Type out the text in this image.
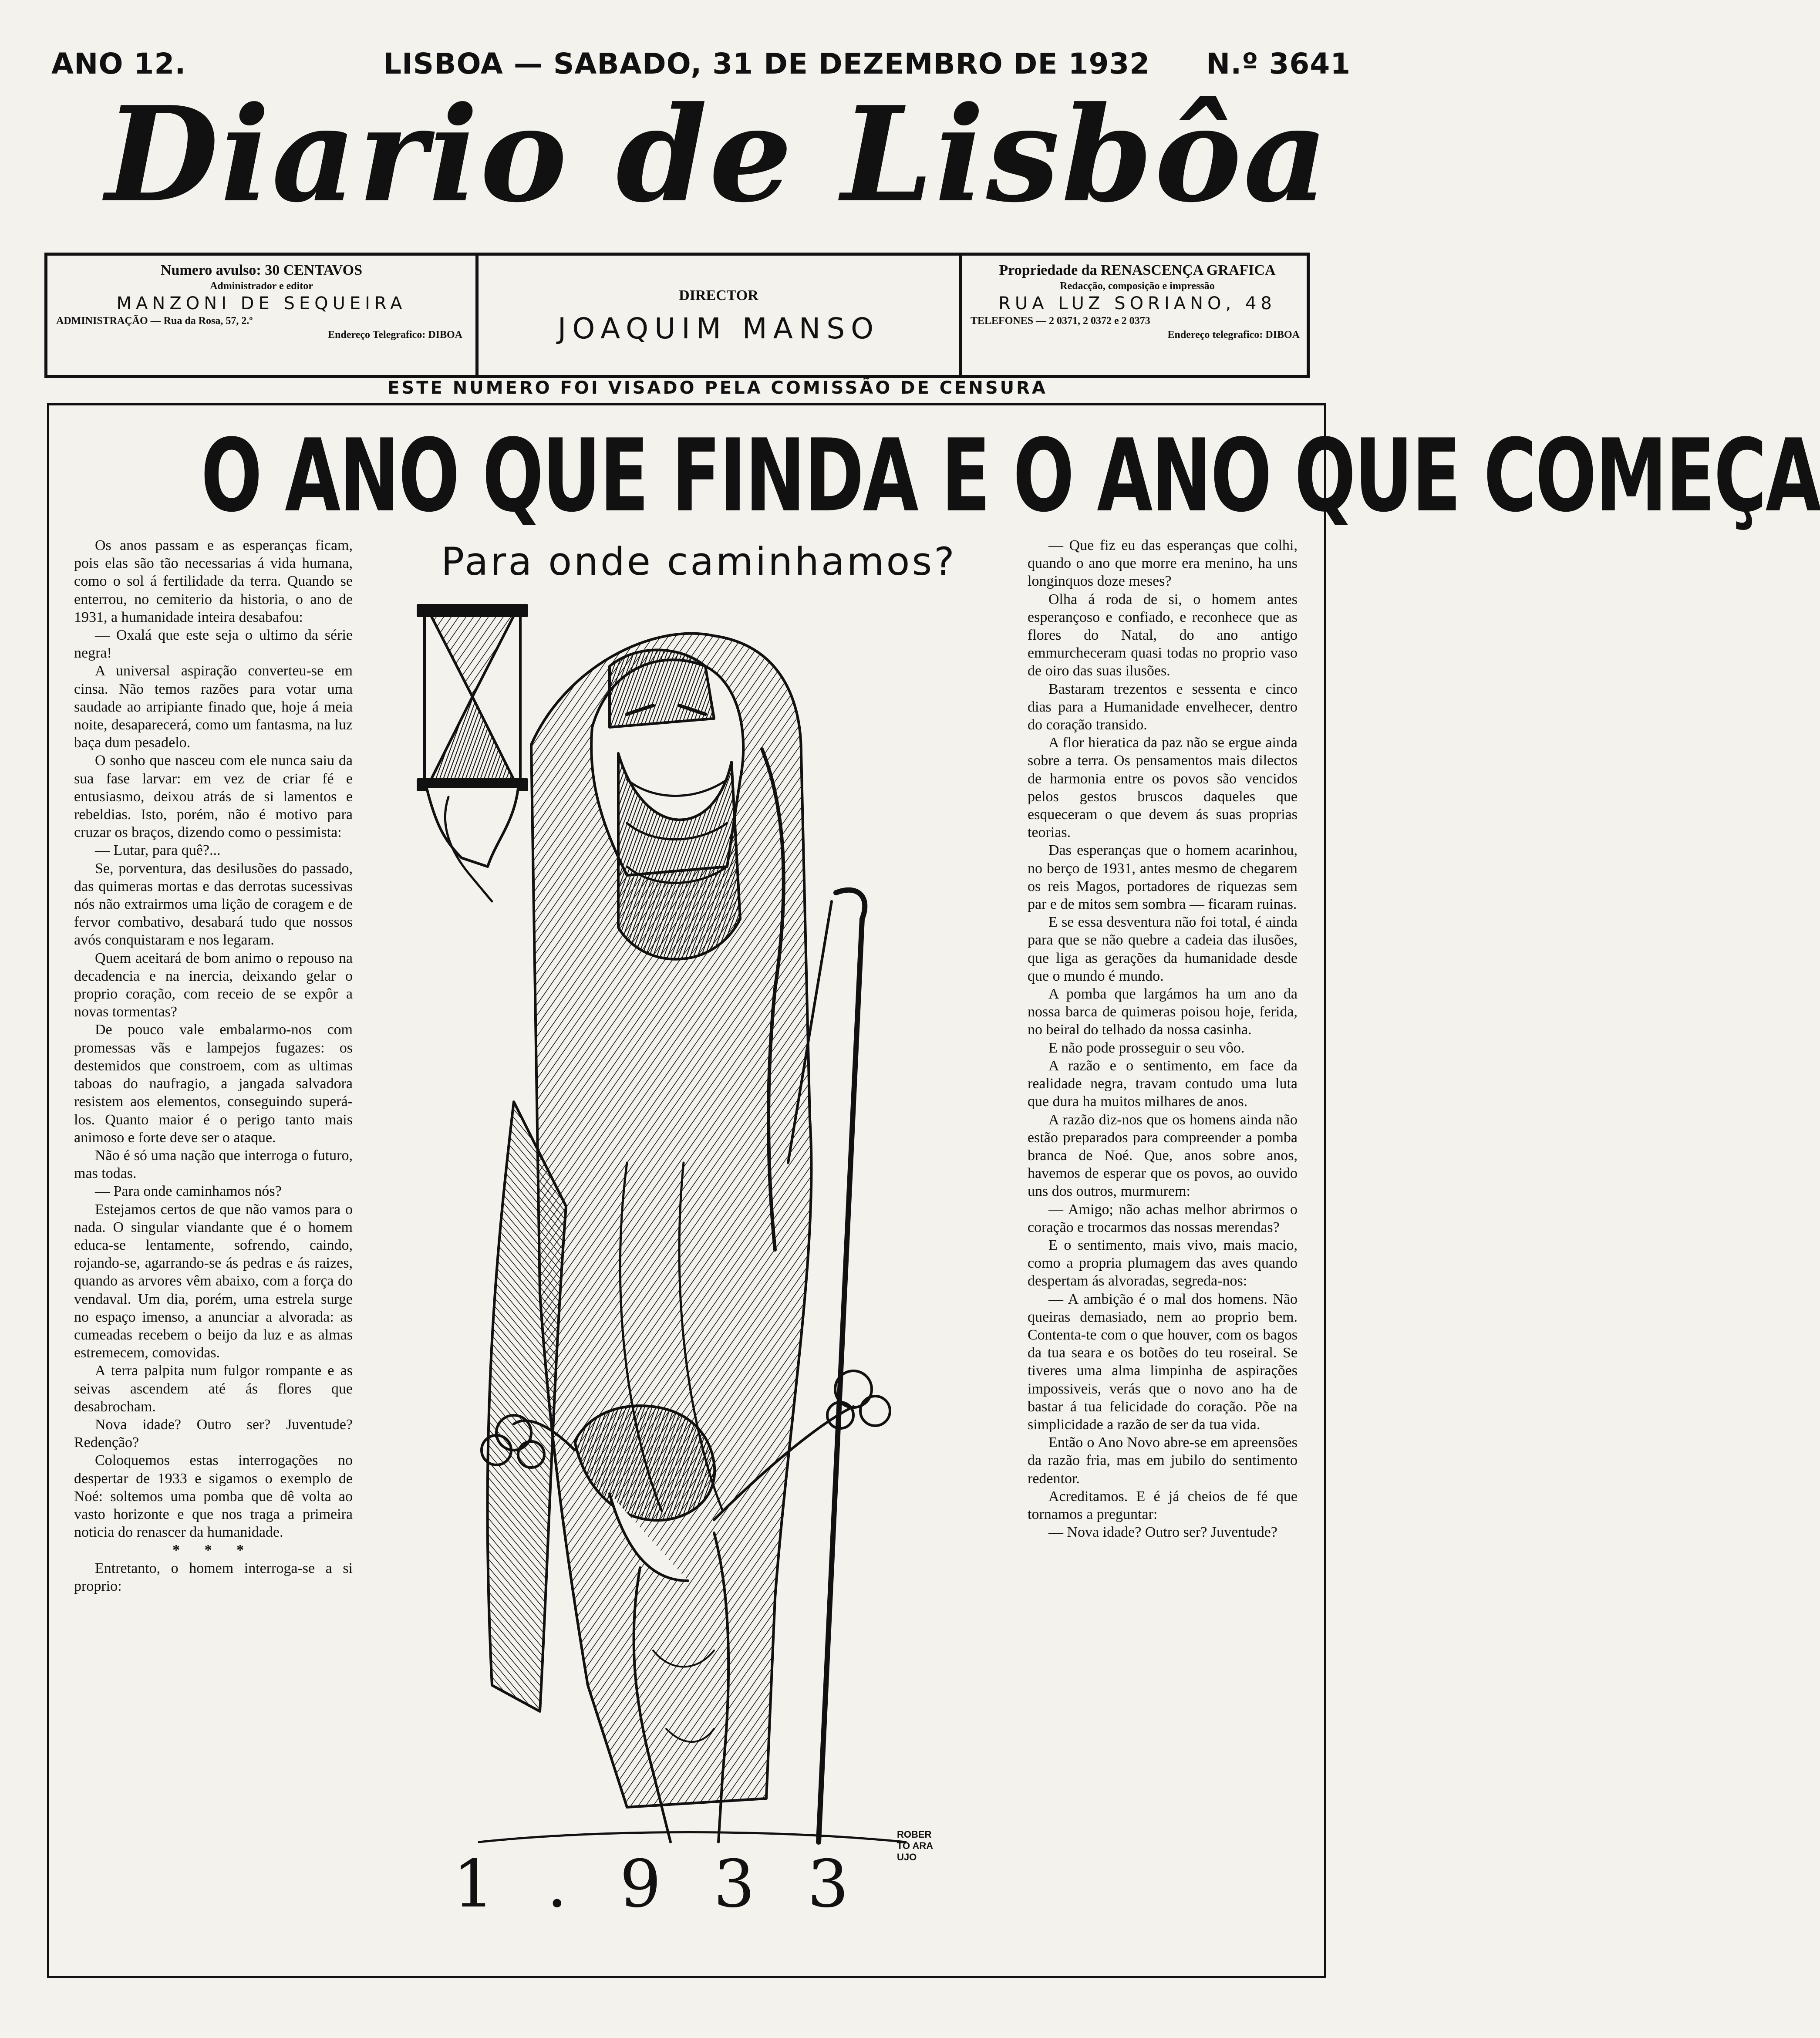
ANO 12.	LISBOA — SABADO, 31 DE DEZEMBRO DE 1932 N.º 3641
Diario de Lisbôa
Numero avulso: 30 CENTAVOS
Administrador e editor
MANZONI DE SEQUEIRA
ADMINISTRAÇÃO — Rua da Rosa, 57, 2.º
Endereço Telegrafico: DIBOA
DIRECTOR
JOAQUIM MANSO
Propriedade da RENASCENÇA GRAFICA
Redacção, composição e impressão
RUA LUZ SORIANO, 48
TELEFONES — 2 0371, 2 0372 e 2 0373
Endereço telegrafico: DIBOA
ESTE NUMERO FOI VISADO PELA COMISSÃO DE CENSURA
O ANO QUE FINDA E O ANO QUE COMEÇA
Para onde caminhamos?

Os anos passam e as esperanças ficam, pois elas são tão necessarias á vida humana, como o sol á fertilidade da terra. Quando se enterrou, no cemiterio da historia, o ano de 1931, a humanidade inteira desabafou:

— Oxalá que este seja o ultimo da série negra!

A universal aspiração converteu-se em cinsa. Não temos razões para votar uma saudade ao arripiante finado que, hoje á meia noite, desaparecerá, como um fantasma, na luz baça dum pesadelo.

O sonho que nasceu com ele nunca saiu da sua fase larvar: em vez de criar fé e entusiasmo, deixou atrás de si lamentos e rebeldias. Isto, porém, não é motivo para cruzar os braços, dizendo como o pessimista:

— Lutar, para quê?...

Se, porventura, das desilusões do passado, das quimeras mortas e das derrotas sucessivas nós não extrairmos uma lição de coragem e de fervor combativo, desabará tudo que nossos avós conquistaram e nos legaram.

Quem aceitará de bom animo o repouso na decadencia e na inercia, deixando gelar o proprio coração, com receio de se expôr a novas tormentas?

De pouco vale embalarmo-nos com promessas vãs e lampejos fugazes: os destemidos que constroem, com as ultimas taboas do naufragio, a jangada salvadora resistem aos elementos, conseguindo superá-los. Quanto maior é o perigo tanto mais animoso e forte deve ser o ataque.

Não é só uma nação que interroga o futuro, mas todas.

— Para onde caminhamos nós?

Estejamos certos de que não vamos para o nada. O singular viandante que é o homem educa-se lentamente, sofrendo, caindo, rojando-se, agarrando-se ás pedras e ás raizes, quando as arvores vêm abaixo, com a força do vendaval. Um dia, porém, uma estrela surge no espaço imenso, a anunciar a alvorada: as cumeadas recebem o beijo da luz e as almas estremecem, comovidas.

A terra palpita num fulgor rompante e as seivas ascendem até ás flores que desabrocham.

Nova idade? Outro ser? Juventude? Redenção?

Coloquemos estas interrogações no despertar de 1933 e sigamos o exemplo de Noé: soltemos uma pomba que dê volta ao vasto horizonte e que nos traga a primeira noticia do renascer da humanidade.

* * *

Entretanto, o homem interroga-se a si proprio:

— Que fiz eu das esperanças que colhi, quando o ano que morre era menino, ha uns longinquos doze meses?

Olha á roda de si, o homem antes esperançoso e confiado, e reconhece que as flores do Natal, do ano antigo emmurcheceram quasi todas no proprio vaso de oiro das suas ilusões.

Bastaram trezentos e sessenta e cinco dias para a Humanidade envelhecer, dentro do coração transido.

A flor hieratica da paz não se ergue ainda sobre a terra. Os pensamentos mais dilectos de harmonia entre os povos são vencidos pelos gestos bruscos daqueles que esqueceram o que devem ás suas proprias teorias.

Das esperanças que o homem acarinhou, no berço de 1931, antes mesmo de chegarem os reis Magos, portadores de riquezas sem par e de mitos sem sombra — ficaram ruinas.

E se essa desventura não foi total, é ainda para que se não quebre a cadeia das ilusões, que liga as gerações da humanidade desde que o mundo é mundo.

A pomba que largámos ha um ano da nossa barca de quimeras poisou hoje, ferida, no beiral do telhado da nossa casinha.

E não pode prosseguir o seu vôo.

A razão e o sentimento, em face da realidade negra, travam contudo uma luta que dura ha muitos milhares de anos.

A razão diz-nos que os homens ainda não estão preparados para compreender a pomba branca de Noé. Que, anos sobre anos, havemos de esperar que os povos, ao ouvido uns dos outros, murmurem:

— Amigo; não achas melhor abrirmos o coração e trocarmos das nossas merendas?

E o sentimento, mais vivo, mais macio, como a propria plumagem das aves quando despertam ás alvoradas, segreda-nos:

— A ambição é o mal dos homens. Não queiras demasiado, nem ao proprio bem. Contenta-te com o que houver, com os bagos da tua seara e os botões do teu roseiral. Se tiveres uma alma limpinha de aspirações impossiveis, verás que o novo ano ha de bastar á tua felicidade do coração. Põe na simplicidade a razão de ser da tua vida.

Então o Ano Novo abre-se em apreensões da razão fria, mas em jubilo do sentimento redentor.

Acreditamos. E é já cheios de fé que tornamos a preguntar:

— Nova idade? Outro ser? Juventude?

1.933
ROBER
TO ARA
UJO
